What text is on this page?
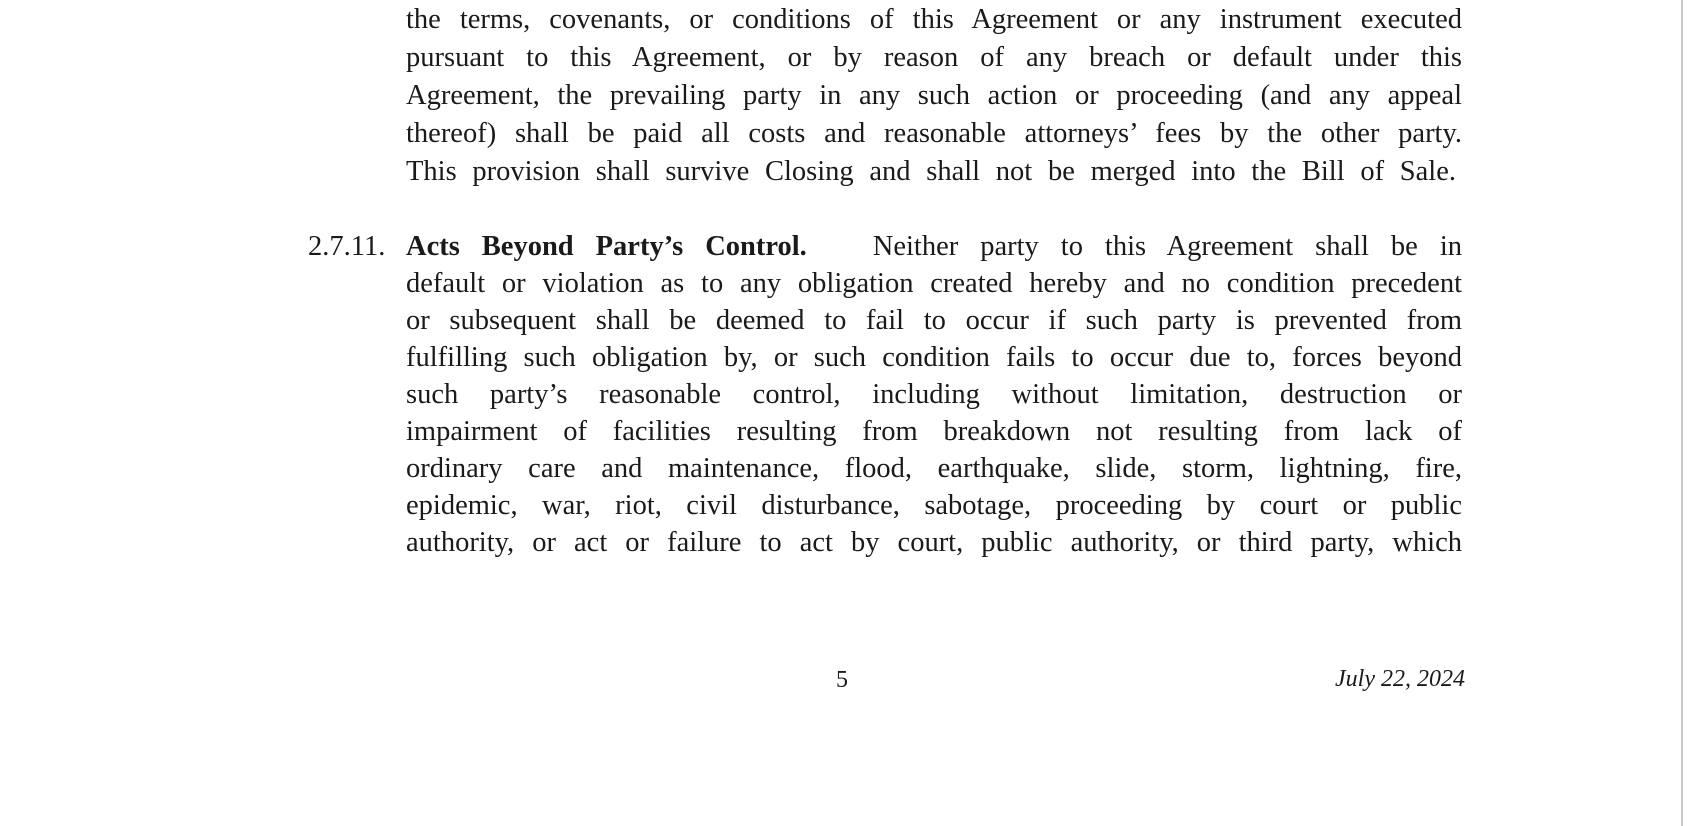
the terms, covenants, or conditions of this Agreement or any instrument executed
pursuant to this Agreement, or by reason of any breach or default under this
Agreement, the prevailing party in any such action or proceeding (and any appeal
thereof) shall be paid all costs and reasonable attorneys’ fees by the other party.
This provision shall survive Closing and shall not be merged into the Bill of Sale.
2.7.11. Acts Beyond Party’s Control. Neither party to this Agreement shall be in
default or violation as to any obligation created hereby and no condition precedent
or subsequent shall be deemed to fail to occur if such party is prevented from
fulfilling such obligation by, or such condition fails to occur due to, forces beyond
such party’s reasonable control, including without limitation, destruction or
impairment of facilities resulting from breakdown not resulting from lack of
ordinary care and maintenance, flood, earthquake, slide, storm, lightning, fire,
epidemic, war, riot, civil disturbance, sabotage, proceeding by court or public
authority, or act or failure to act by court, public authority, or third party, which
5	July 22, 2024
